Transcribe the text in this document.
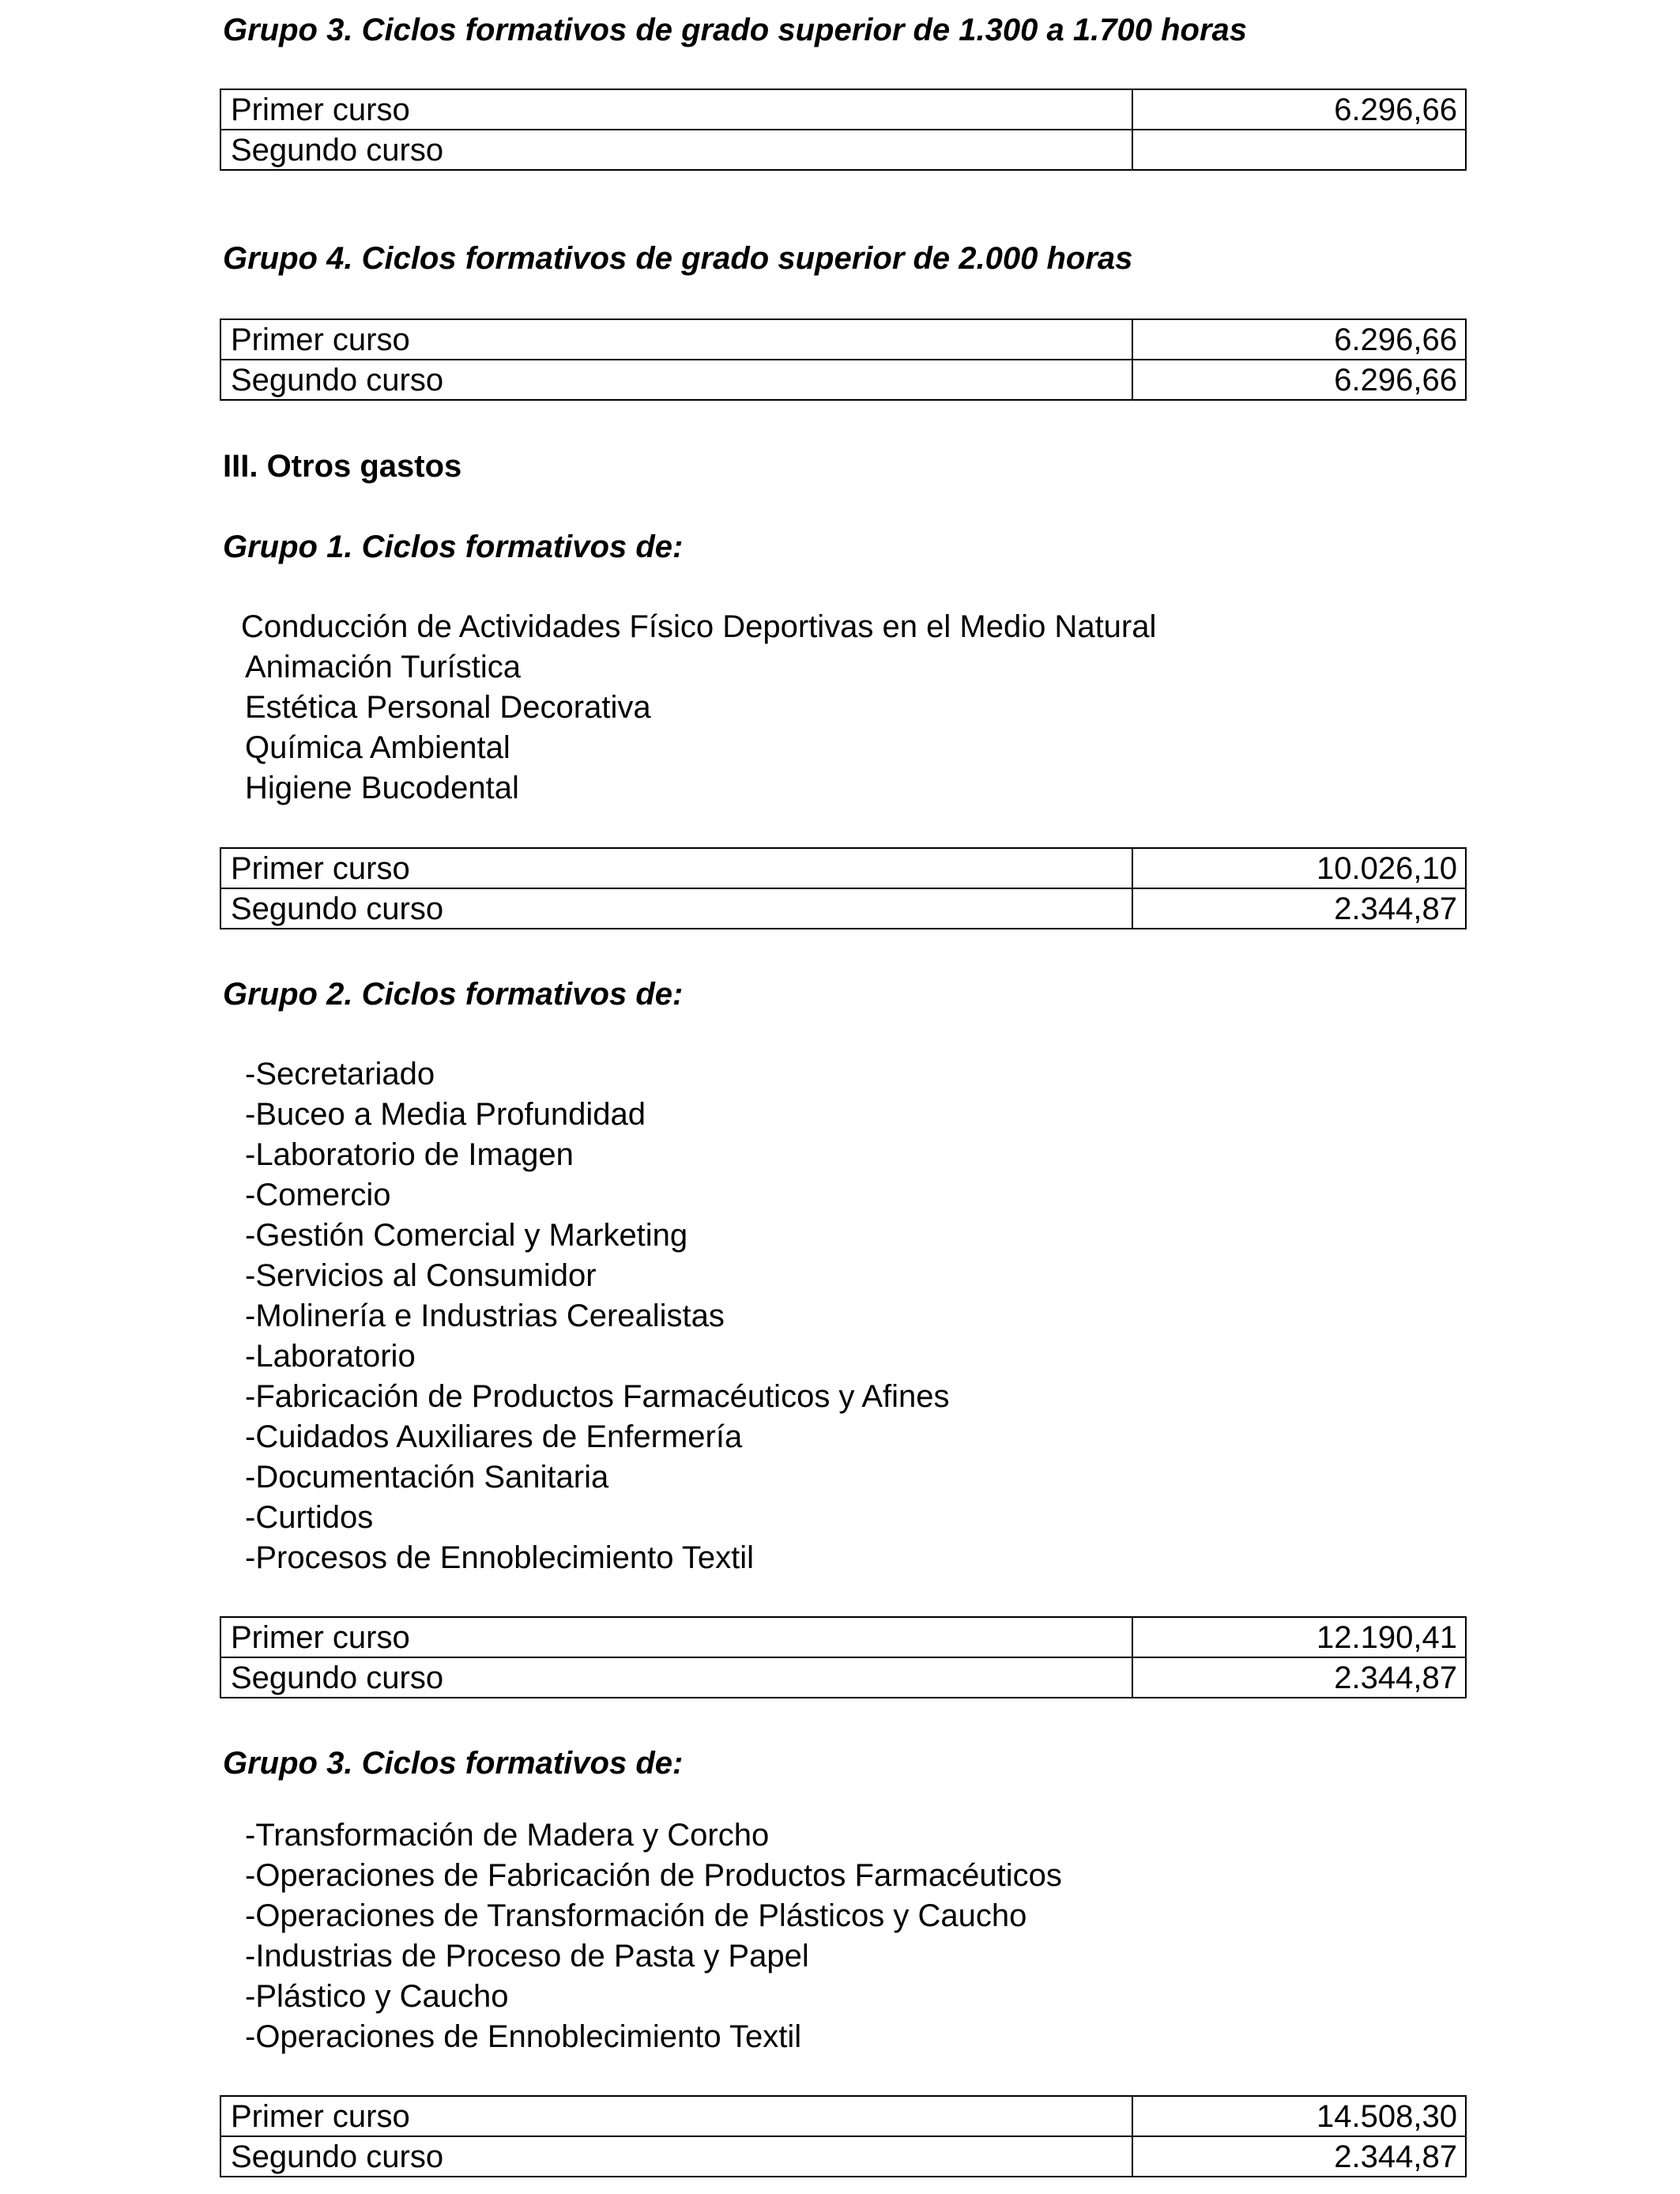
Grupo 3. Ciclos formativos de grado superior de 1.300 a 1.700 horas
Primer curso	6.296,66
Segundo curso	
Grupo 4. Ciclos formativos de grado superior de 2.000 horas
Primer curso	6.296,66
Segundo curso	6.296,66
III. Otros gastos
Grupo 1. Ciclos formativos de:
Conducción de Actividades Físico Deportivas en el Medio Natural
Animación Turística
Estética Personal Decorativa
Química Ambiental
Higiene Bucodental
Primer curso	10.026,10
Segundo curso	2.344,87
Grupo 2. Ciclos formativos de:
-Secretariado
-Buceo a Media Profundidad
-Laboratorio de Imagen
-Comercio
-Gestión Comercial y Marketing
-Servicios al Consumidor
-Molinería e Industrias Cerealistas
-Laboratorio
-Fabricación de Productos Farmacéuticos y Afines
-Cuidados Auxiliares de Enfermería
-Documentación Sanitaria
-Curtidos
-Procesos de Ennoblecimiento Textil
Primer curso	12.190,41
Segundo curso	2.344,87
Grupo 3. Ciclos formativos de:
-Transformación de Madera y Corcho
-Operaciones de Fabricación de Productos Farmacéuticos
-Operaciones de Transformación de Plásticos y Caucho
-Industrias de Proceso de Pasta y Papel
-Plástico y Caucho
-Operaciones de Ennoblecimiento Textil
Primer curso	14.508,30
Segundo curso	2.344,87
